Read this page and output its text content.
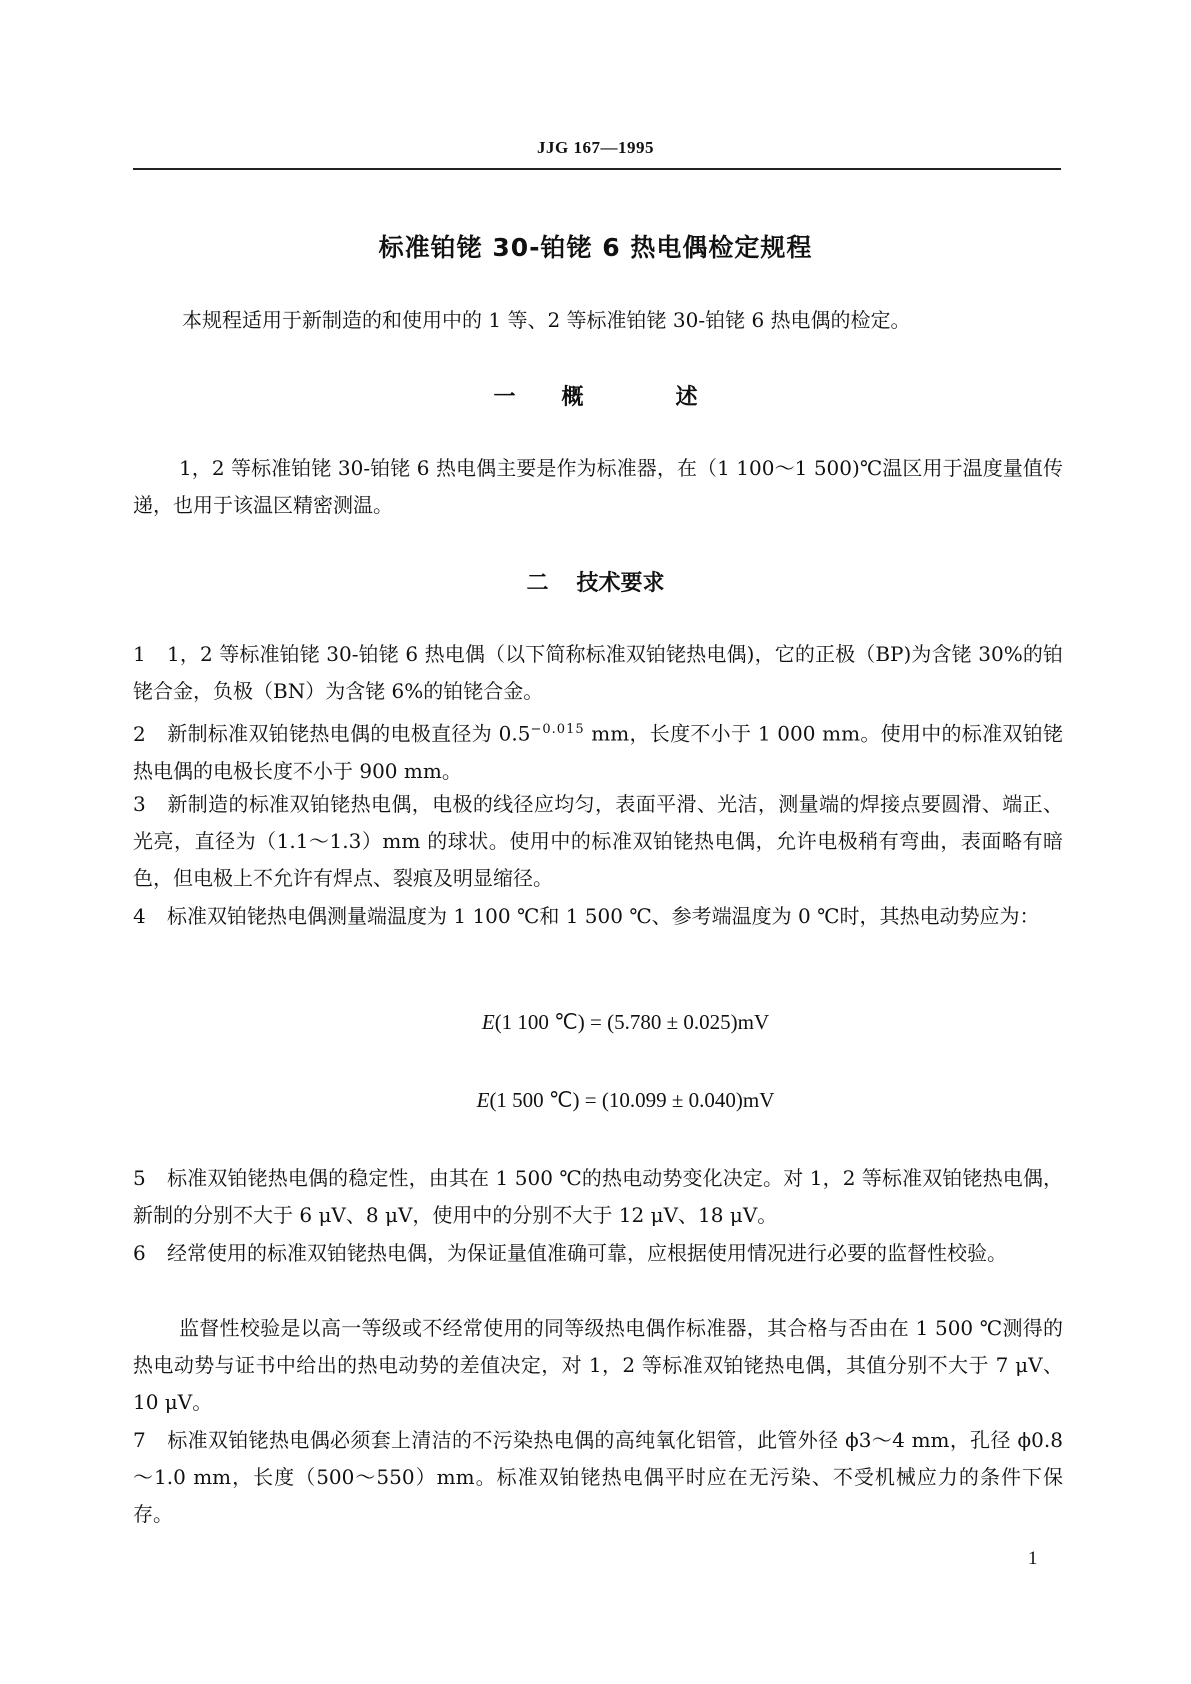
JJG 167—1995
标准铂铑 30-铂铑 6 热电偶检定规程
本规程适用于新制造的和使用中的 1 等、2 等标准铂铑 30-铂铑 6 热电偶的检定。
一 概	述
1，2 等标准铂铑 30-铂铑 6 热电偶主要是作为标准器，在（1 100～1 500)℃温区用于温度量值传递，也用于该温区精密测温。
二 技术要求
1 1，2 等标准铂铑 30-铂铑 6 热电偶（以下简称标准双铂铑热电偶)，它的正极（BP)为含铑 30%的铂铑合金，负极（BN）为含铑 6%的铂铑合金。
2 新制标准双铂铑热电偶的电极直径为 $0.5^{-0.015}$ mm，长度不小于 1 000 mm。使用中的标准双铂铑热电偶的电极长度不小于 900 mm。
3 新制造的标准双铂铑热电偶，电极的线径应均匀，表面平滑、光洁，测量端的焊接点要圆滑、端正、光亮，直径为（1.1～1.3）mm 的球状。使用中的标准双铂铑热电偶，允许电极稍有弯曲，表面略有暗色，但电极上不允许有焊点、裂痕及明显缩径。
4 标准双铂铑热电偶测量端温度为 1 100 ℃和 1 500 ℃、参考端温度为 0 ℃时，其热电动势应为：
E(1 100 ℃) = (5.780 ± 0.025)mV
E(1 500 ℃) = (10.099 ± 0.040)mV
5 标准双铂铑热电偶的稳定性，由其在 1 500 ℃的热电动势变化决定。对 1，2 等标准双铂铑热电偶，新制的分别不大于 6 μV、8 μV，使用中的分别不大于 12 μV、18 μV。
6 经常使用的标准双铂铑热电偶，为保证量值准确可靠，应根据使用情况进行必要的监督性校验。
监督性校验是以高一等级或不经常使用的同等级热电偶作标准器，其合格与否由在 1 500 ℃测得的热电动势与证书中给出的热电动势的差值决定，对 1，2 等标准双铂铑热电偶，其值分别不大于 7 μV、10 μV。
7 标准双铂铑热电偶必须套上清洁的不污染热电偶的高纯氧化铝管，此管外径 ϕ3～4 mm，孔径 ϕ0.8～1.0 mm，长度（500～550）mm。标准双铂铑热电偶平时应在无污染、不受机械应力的条件下保存。
1
